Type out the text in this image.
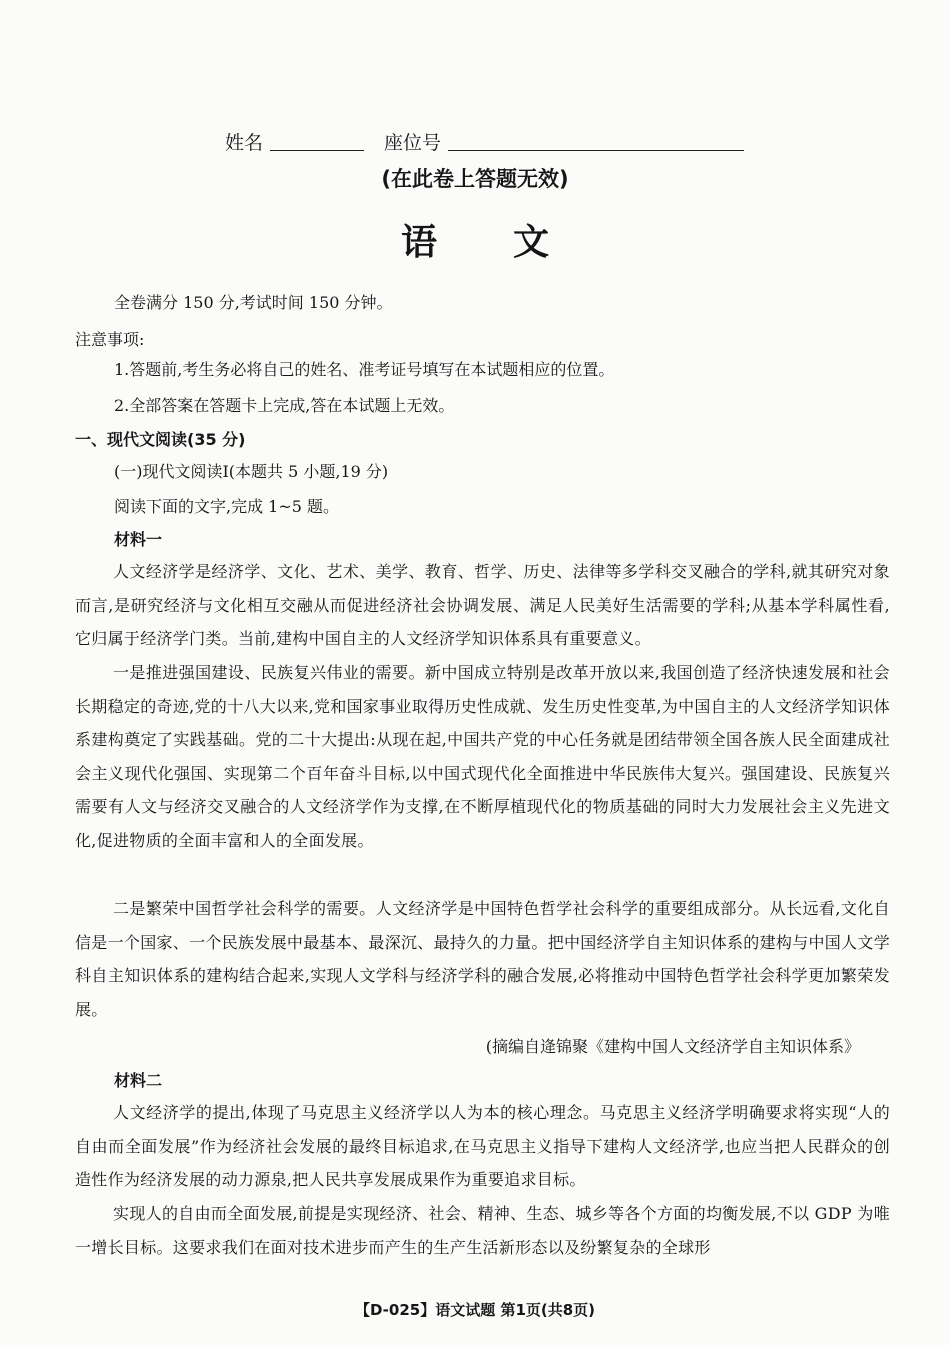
姓名	座位号
(在此卷上答题无效)
语文
全卷满分 150 分,考试时间 150 分钟。
注意事项:
1.答题前,考生务必将自己的姓名、准考证号填写在本试题相应的位置。
2.全部答案在答题卡上完成,答在本试题上无效。
一、现代文阅读(35 分)
(一)现代文阅读Ⅰ(本题共 5 小题,19 分)
阅读下面的文字,完成 1~5 题。
材料一
人文经济学是经济学、文化、艺术、美学、教育、哲学、历史、法律等多学科交叉融合的学科,就其研究对象而言,是研究经济与文化相互交融从而促进经济社会协调发展、满足人民美好生活需要的学科;从基本学科属性看,它归属于经济学门类。当前,建构中国自主的人文经济学知识体系具有重要意义。
一是推进强国建设、民族复兴伟业的需要。新中国成立特别是改革开放以来,我国创造了经济快速发展和社会长期稳定的奇迹,党的十八大以来,党和国家事业取得历史性成就、发生历史性变革,为中国自主的人文经济学知识体系建构奠定了实践基础。党的二十大提出:从现在起,中国共产党的中心任务就是团结带领全国各族人民全面建成社会主义现代化强国、实现第二个百年奋斗目标,以中国式现代化全面推进中华民族伟大复兴。强国建设、民族复兴需要有人文与经济交叉融合的人文经济学作为支撑,在不断厚植现代化的物质基础的同时大力发展社会主义先进文化,促进物质的全面丰富和人的全面发展。
二是繁荣中国哲学社会科学的需要。人文经济学是中国特色哲学社会科学的重要组成部分。从长远看,文化自信是一个国家、一个民族发展中最基本、最深沉、最持久的力量。把中国经济学自主知识体系的建构与中国人文学科自主知识体系的建构结合起来,实现人文学科与经济学科的融合发展,必将推动中国特色哲学社会科学更加繁荣发展。
(摘编自逄锦聚《建构中国人文经济学自主知识体系》
材料二
人文经济学的提出,体现了马克思主义经济学以人为本的核心理念。马克思主义经济学明确要求将实现“人的自由而全面发展”作为经济社会发展的最终目标追求,在马克思主义指导下建构人文经济学,也应当把人民群众的创造性作为经济发展的动力源泉,把人民共享发展成果作为重要追求目标。
实现人的自由而全面发展,前提是实现经济、社会、精神、生态、城乡等各个方面的均衡发展,不以 GDP 为唯一增长目标。这要求我们在面对技术进步而产生的生产生活新形态以及纷繁复杂的全球形
【D-025】语文试题 第1页(共8页)
